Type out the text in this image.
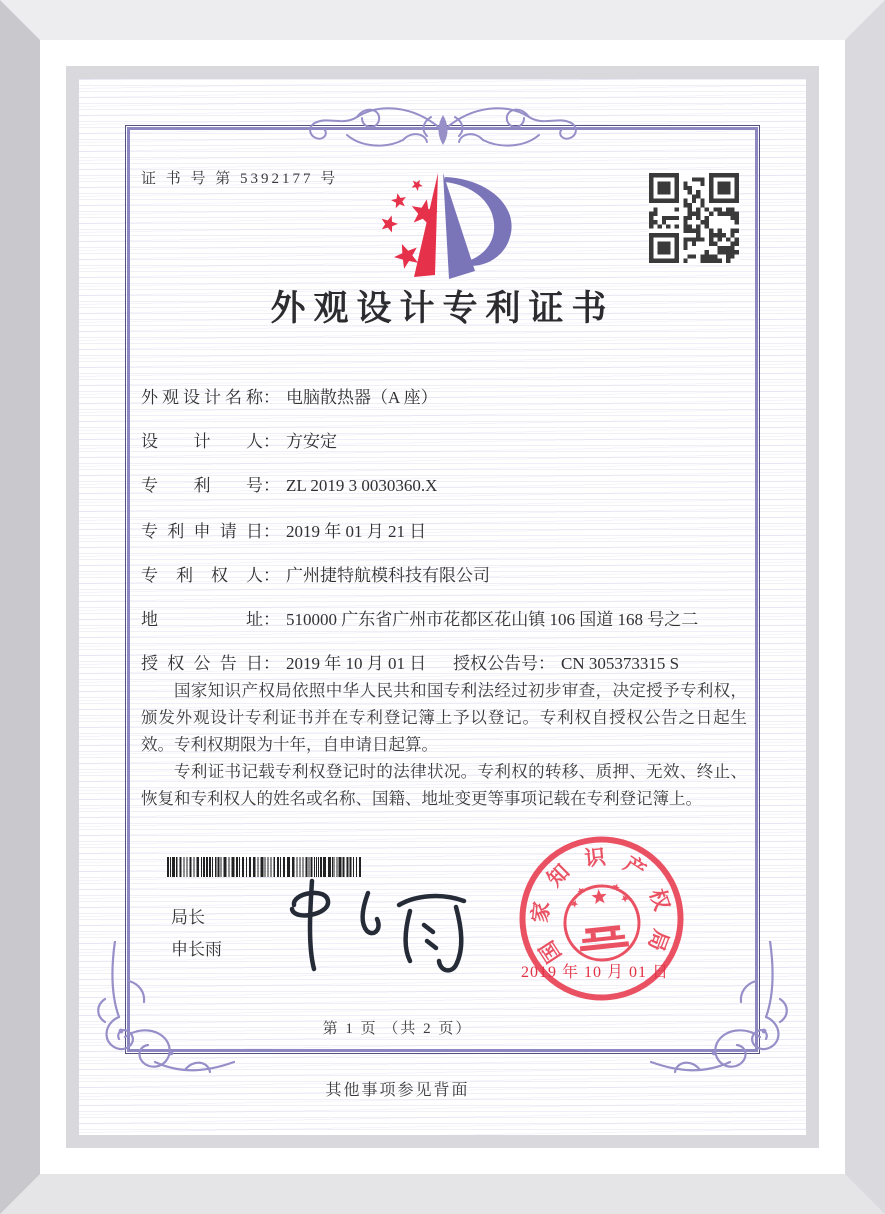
证 书 号 第 5392177 号
外观设计专利证书
外观设计名称： 电脑散热器（A 座）
设计人： 方安定
专利号： ZL 2019 3 0030360.X
专利申请日： 2019 年 01 月 21 日
专利权人： 广州捷特航模科技有限公司
地址： 510000 广东省广州市花都区花山镇 106 国道 168 号之二
授权公告日： 2019 年 10 月 01 日 授权公告号： CN 305373315 S

国家知识产权局依照中华人民共和国专利法经过初步审查，决定授予专利权，颁发外观设计专利证书并在专利登记簿上予以登记。专利权自授权公告之日起生效。专利权期限为十年，自申请日起算。

专利证书记载专利权登记时的法律状况。专利权的转移、质押、无效、终止、恢复和专利权人的姓名或名称、国籍、地址变更等事项记载在专利登记簿上。

局长
申长雨	国
家
知
识 产
权
局
2019 年 10 月 01 日
第 1 页 （共 2 页）
其他事项参见背面
